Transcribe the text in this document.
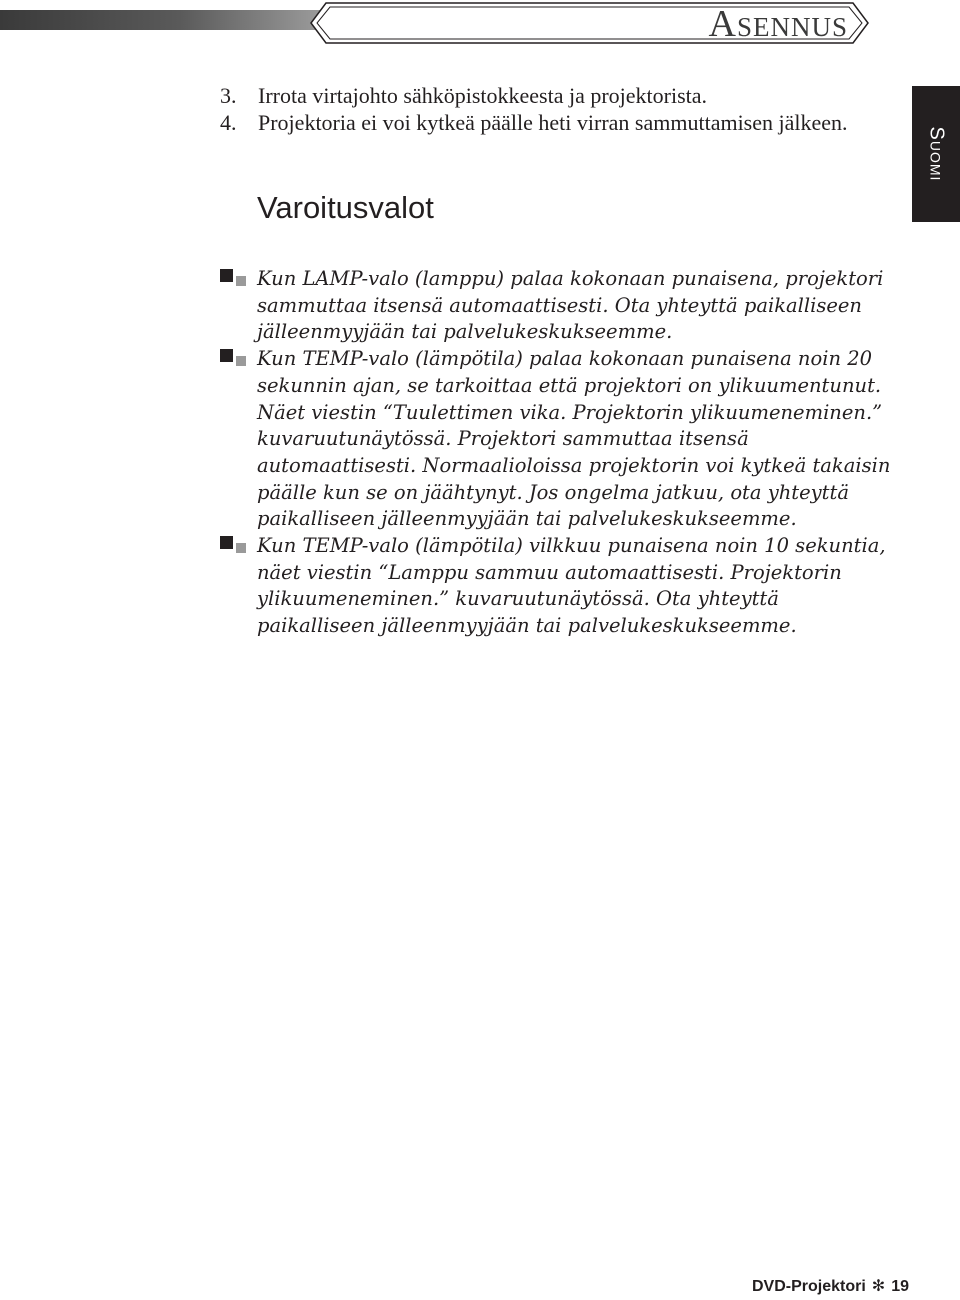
Asennus
Suomi
3. Irrota virtajohto sähköpistokkeesta ja projektorista.
4. Projektoria ei voi kytkeä päälle heti virran sammuttamisen jälkeen.
Varoitusvalot
Kun LAMP-valo (lamppu) palaa kokonaan punaisena, projektori sammuttaa itsensä automaattisesti. Ota yhteyttä paikalliseen jälleenmyyjään tai palvelukeskukseemme.
Kun TEMP-valo (lämpötila) palaa kokonaan punaisena noin 20 sekunnin ajan, se tarkoittaa että projektori on ylikuumentunut. Näet viestin “Tuulettimen vika. Projektorin ylikuumeneminen.” kuvaruutunäytössä. Projektori sammuttaa itsensä automaattisesti. Normaalioloissa projektorin voi kytkeä takaisin päälle kun se on jäähtynyt. Jos ongelma jatkuu, ota yhteyttä paikalliseen jälleenmyyjään tai palvelukeskukseemme.
Kun TEMP-valo (lämpötila) vilkkuu punaisena noin 10 sekuntia, näet viestin “Lamppu sammuu automaattisesti. Projektorin ylikuumeneminen.” kuvaruutunäytössä. Ota yhteyttä paikalliseen jälleenmyyjään tai palvelukeskukseemme.
DVD-Projektori ✻ 19
